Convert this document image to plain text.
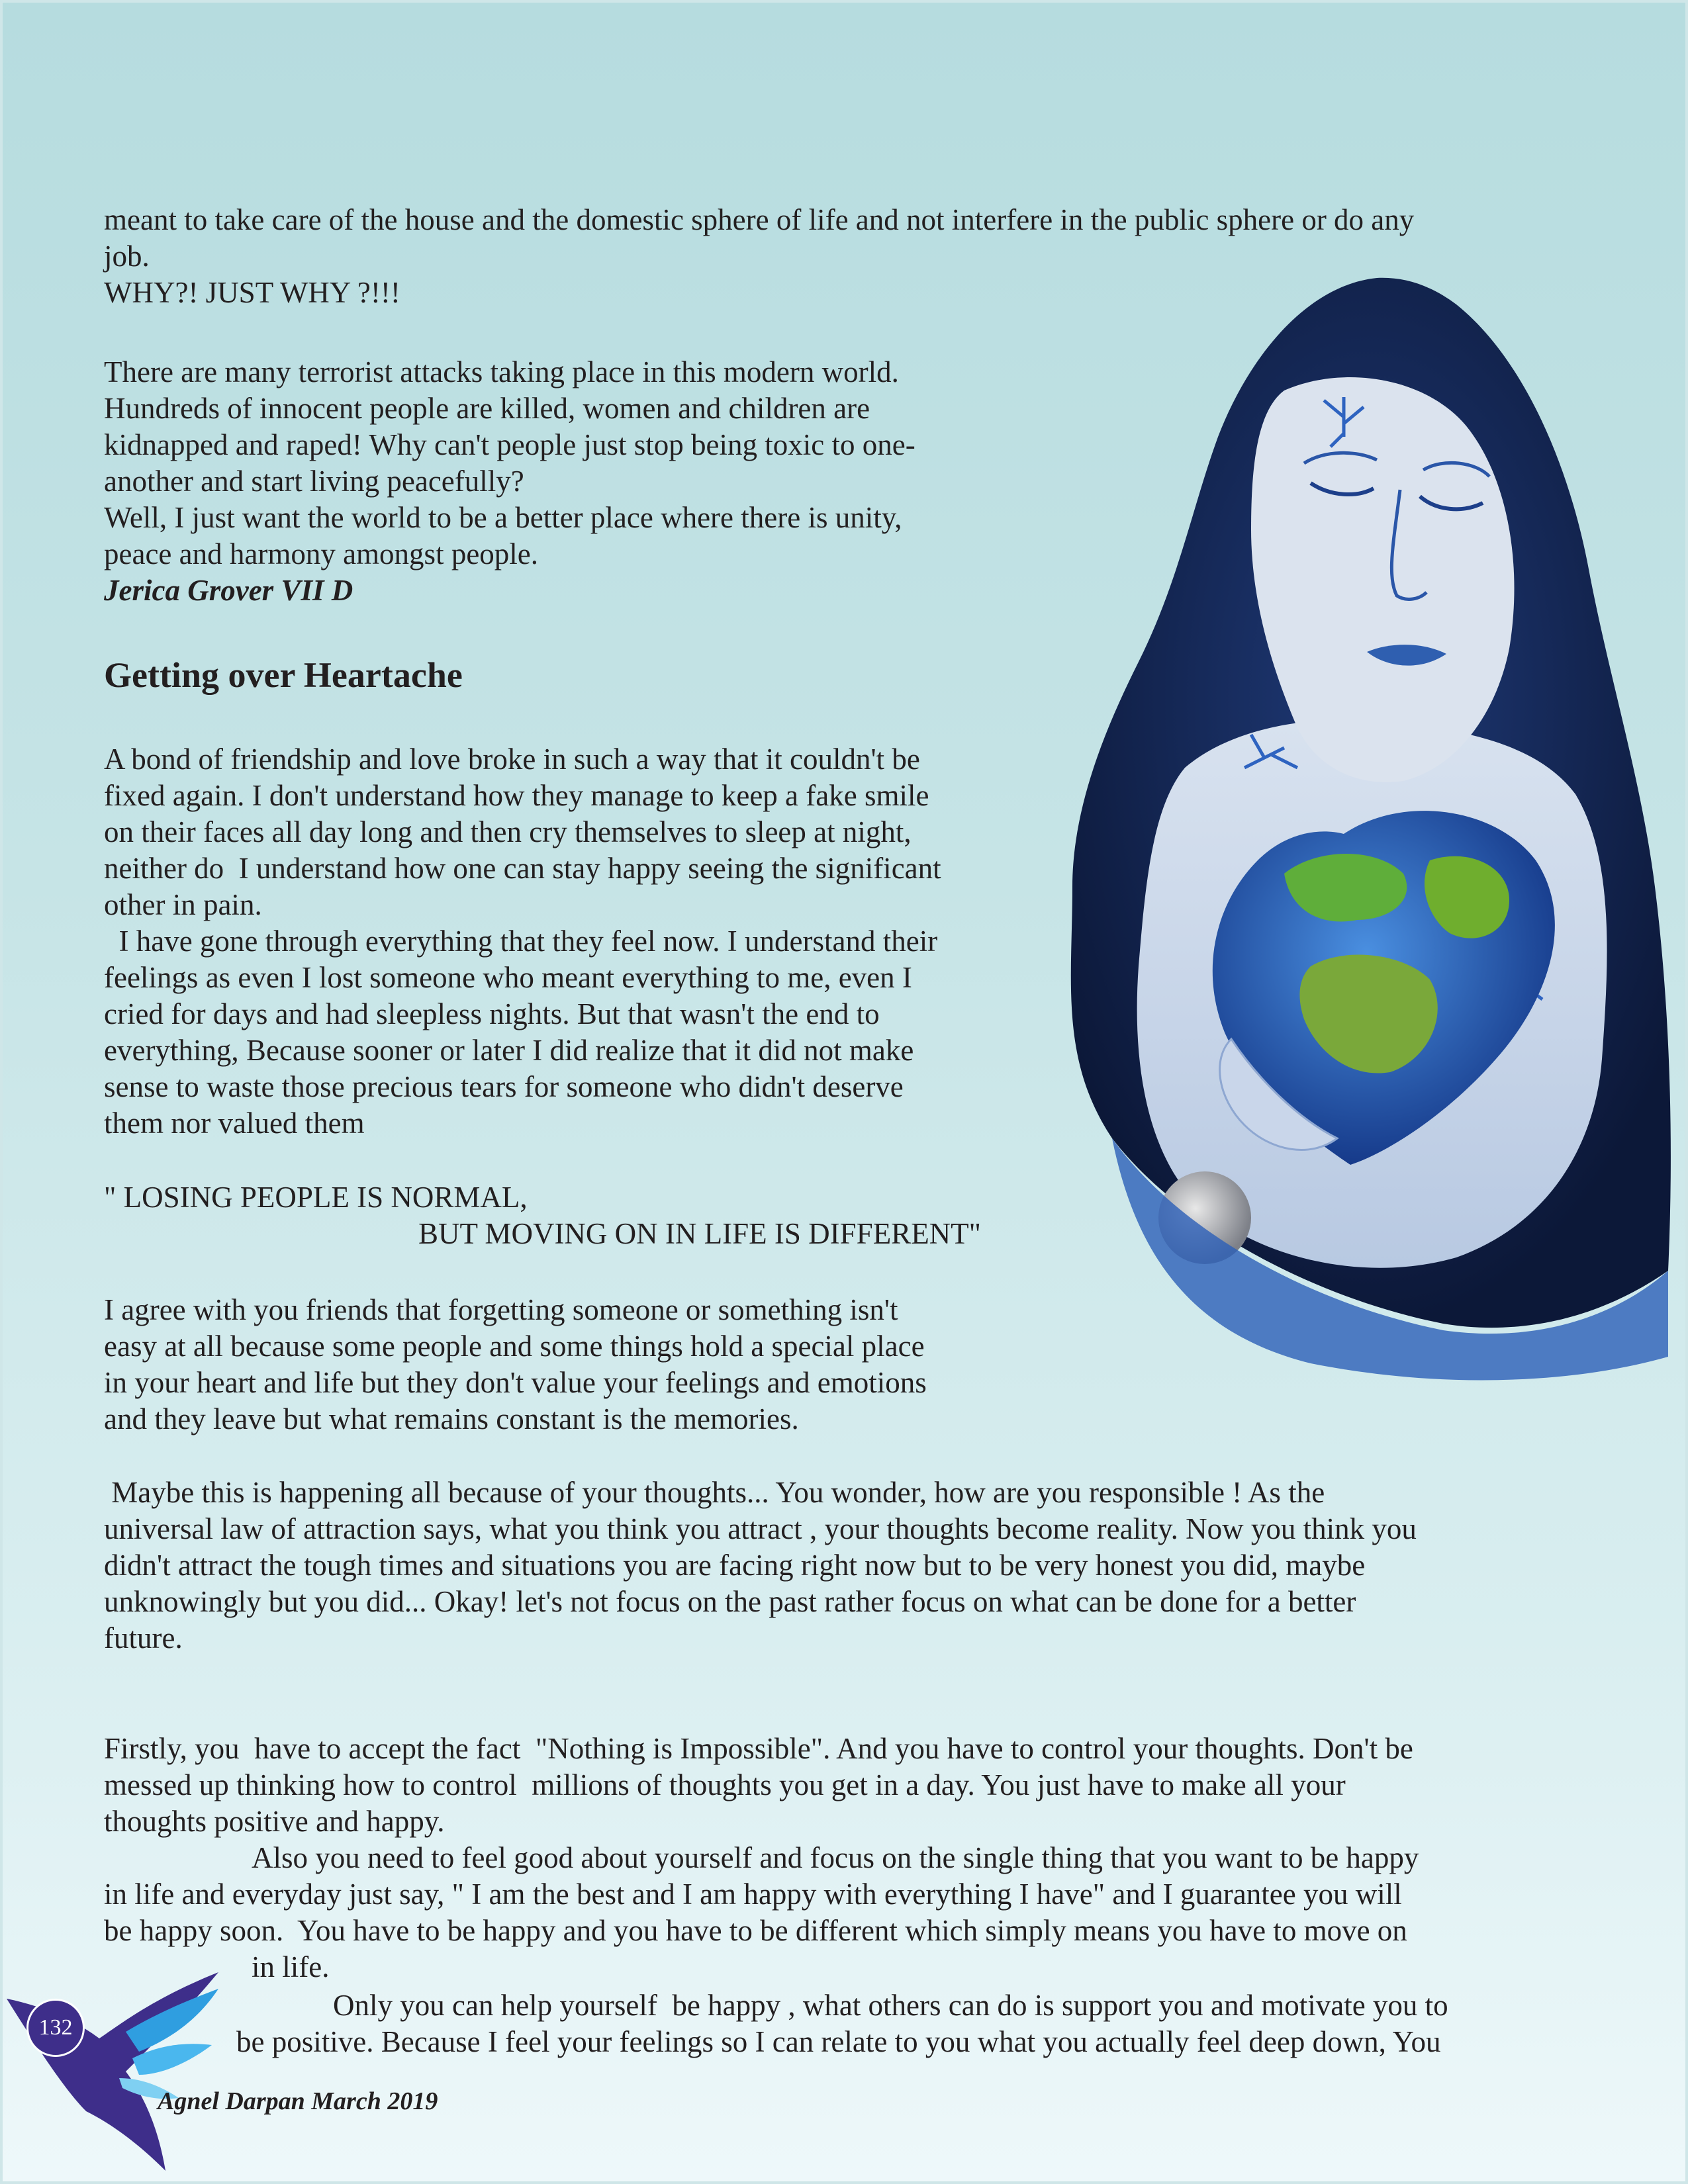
meant to take care of the house and the domestic sphere of life and not interfere in the public sphere or do any

job.

WHY?! JUST WHY ?!!!

There are many terrorist attacks taking place in this modern world.

Hundreds of innocent people are killed, women and children are

kidnapped and raped! Why can't people just stop being toxic to one-

another and start living peacefully?

Well, I just want the world to be a better place where there is unity,

peace and harmony amongst people.

Jerica Grover VII D

Getting over Heartache

A bond of friendship and love broke in such a way that it couldn't be

fixed again. I don't understand how they manage to keep a fake smile

on their faces all day long and then cry themselves to sleep at night,

neither do  I understand how one can stay happy seeing the significant

other in pain.

I have gone through everything that they feel now. I understand their

feelings as even I lost someone who meant everything to me, even I

cried for days and had sleepless nights. But that wasn't the end to

everything, Because sooner or later I did realize that it did not make

sense to waste those precious tears for someone who didn't deserve

them nor valued them

" LOSING PEOPLE IS NORMAL,

BUT MOVING ON IN LIFE IS DIFFERENT"

I agree with you friends that forgetting someone or something isn't

easy at all because some people and some things hold a special place

in your heart and life but they don't value your feelings and emotions

and they leave but what remains constant is the memories.

Maybe this is happening all because of your thoughts... You wonder, how are you responsible ! As the

universal law of attraction says, what you think you attract , your thoughts become reality. Now you think you

didn't attract the tough times and situations you are facing right now but to be very honest you did, maybe

unknowingly but you did... Okay! let's not focus on the past rather focus on what can be done for a better

future.

Firstly, you  have to accept the fact  "Nothing is Impossible". And you have to control your thoughts. Don't be

messed up thinking how to control  millions of thoughts you get in a day. You just have to make all your

thoughts positive and happy.

Also you need to feel good about yourself and focus on the single thing that you want to be happy

in life and everyday just say, " I am the best and I am happy with everything I have" and I guarantee you will

be happy soon.  You have to be happy and you have to be different which simply means you have to move on

in life.

Only you can help yourself  be happy , what others can do is support you and motivate you to

be positive. Because I feel your feelings so I can relate to you what you actually feel deep down, You

132
Agnel Darpan March 2019
